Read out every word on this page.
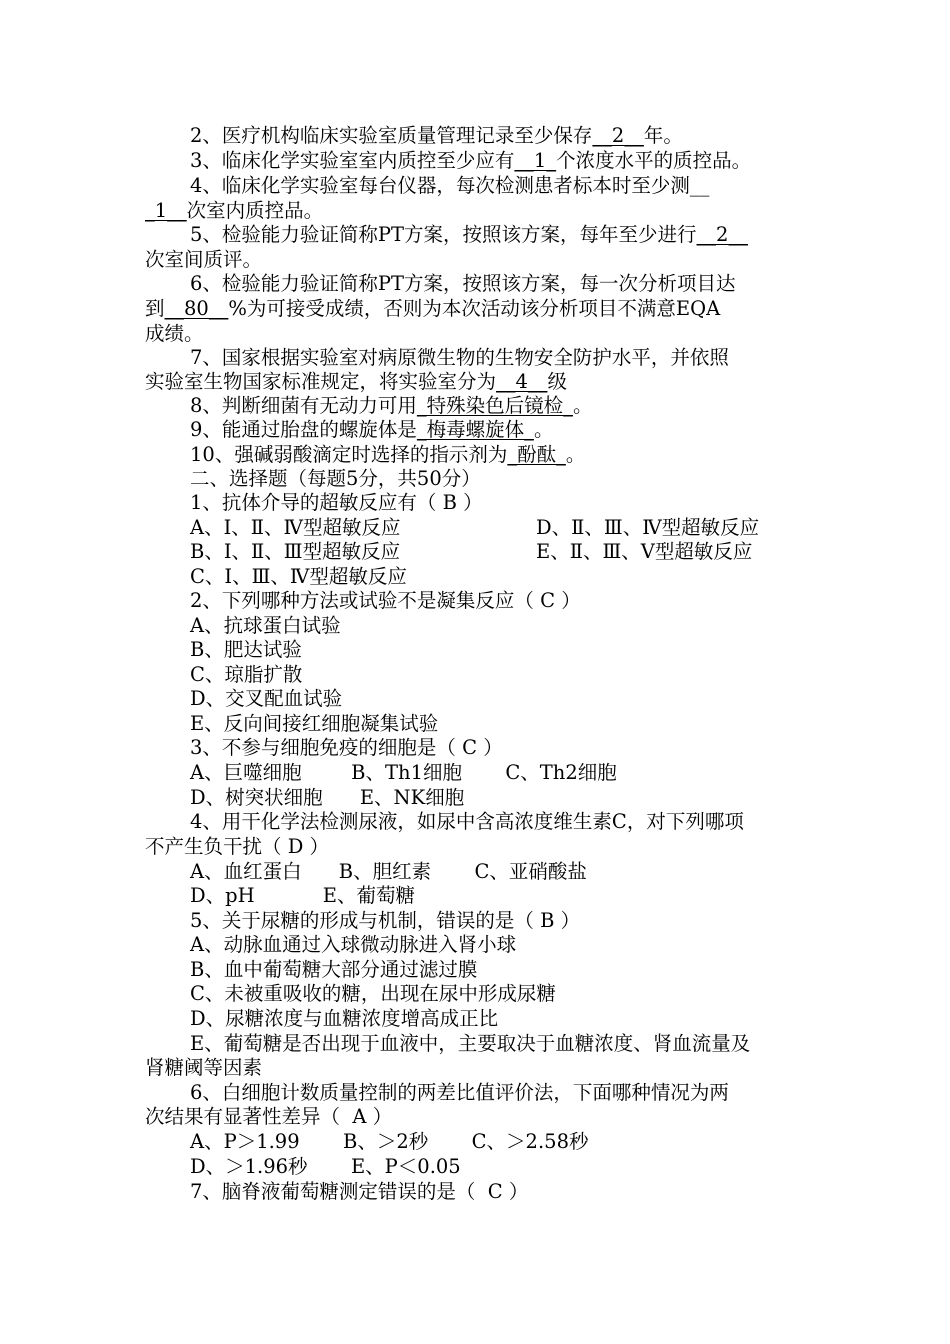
2、医疗机构临床实验室质量管理记录至少保存__2__年。
3、临床化学实验室室内质控至少应有__1_个浓度水平的质控品。
4、临床化学实验室每台仪器，每次检测患者标本时至少测__
_1__次室内质控品。
5、检验能力验证简称PT方案，按照该方案，每年至少进行__2__
次室间质评。
6、检验能力验证简称PT方案，按照该方案，每一次分析项目达
到__80__%为可接受成绩，否则为本次活动该分析项目不满意EQA
成绩。
7、国家根据实验室对病原微生物的生物安全防护水平，并依照
实验室生物国家标准规定，将实验室分为__4__级
8、判断细菌有无动力可用_特殊染色后镜检_。
9、能通过胎盘的螺旋体是_梅毒螺旋体_。
10、强碱弱酸滴定时选择的指示剂为_酚酞_。
二、选择题（每题5分，共50分）
1、抗体介导的超敏反应有（ B ）
A、Ⅰ、Ⅱ、Ⅳ型超敏反应	D、Ⅱ、Ⅲ、Ⅳ型超敏反应
B、Ⅰ、Ⅱ、Ⅲ型超敏反应	E、Ⅱ、Ⅲ、Ⅴ型超敏反应
C、Ⅰ、Ⅲ、Ⅳ型超敏反应
2、下列哪种方法或试验不是凝集反应（ C ）
A、抗球蛋白试验
B、肥达试验
C、琼脂扩散
D、交叉配血试验
E、反向间接红细胞凝集试验
3、不参与细胞免疫的细胞是（ C ）
A、巨噬细胞        B、Th1细胞       C、Th2细胞
D、树突状细胞      E、NK细胞
4、用干化学法检测尿液，如尿中含高浓度维生素C，对下列哪项
不产生负干扰（ D ）
A、血红蛋白      B、胆红素       C、亚硝酸盐
D、pH           E、葡萄糖
5、关于尿糖的形成与机制，错误的是（ B ）
A、动脉血通过入球微动脉进入肾小球
B、血中葡萄糖大部分通过滤过膜
C、未被重吸收的糖，出现在尿中形成尿糖
D、尿糖浓度与血糖浓度增高成正比
E、葡萄糖是否出现于血液中，主要取决于血糖浓度、肾血流量及
肾糖阈等因素
6、白细胞计数质量控制的两差比值评价法，下面哪种情况为两
次结果有显著性差异（  A ）
A、P＞1.99       B、＞2秒       C、＞2.58秒
D、＞1.96秒       E、P＜0.05
7、脑脊液葡萄糖测定错误的是（  C ）
